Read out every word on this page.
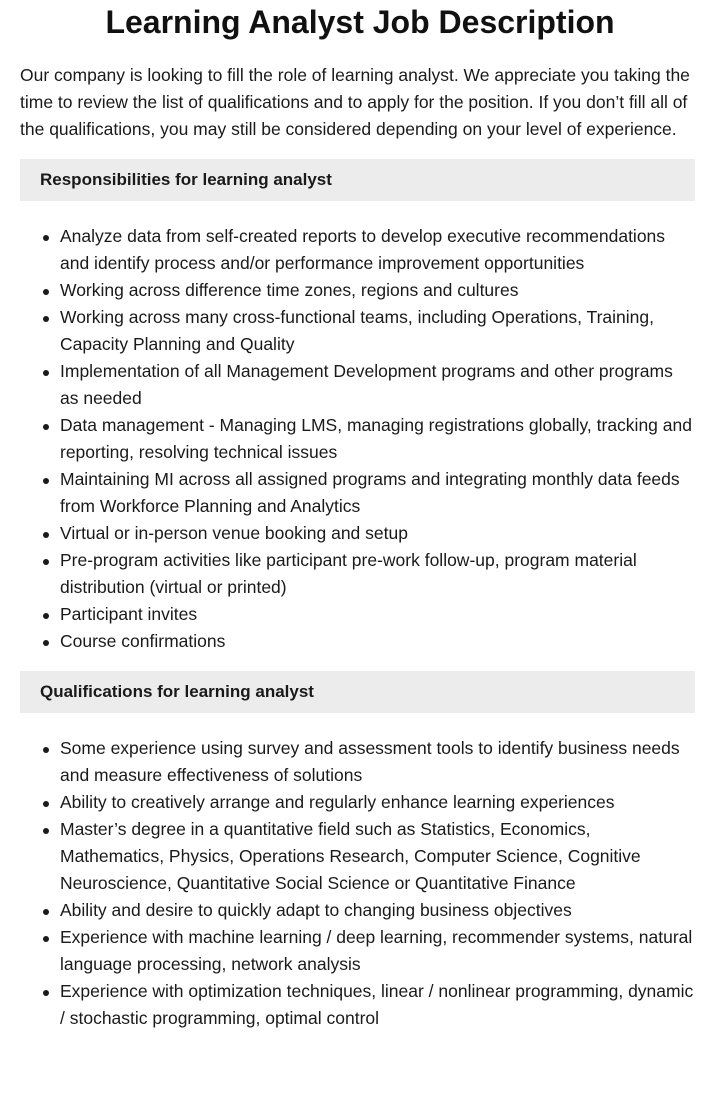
Learning Analyst Job Description

Our company is looking to fill the role of learning analyst. We appreciate you taking the time to review the list of qualifications and to apply for the position. If you don’t fill all of the qualifications, you may still be considered depending on your level of experience.

Responsibilities for learning analyst
Analyze data from self-created reports to develop executive recommendations and identify process and/or performance improvement opportunities
Working across difference time zones, regions and cultures
Working across many cross-functional teams, including Operations, Training, Capacity Planning and Quality
Implementation of all Management Development programs and other programs as needed
Data management - Managing LMS, managing registrations globally, tracking and reporting, resolving technical issues
Maintaining MI across all assigned programs and integrating monthly data feeds from Workforce Planning and Analytics
Virtual or in-person venue booking and setup
Pre-program activities like participant pre-work follow-up, program material distribution (virtual or printed)
Participant invites
Course confirmations
Qualifications for learning analyst
Some experience using survey and assessment tools to identify business needs and measure effectiveness of solutions
Ability to creatively arrange and regularly enhance learning experiences
Master’s degree in a quantitative field such as Statistics, Economics, Mathematics, Physics, Operations Research, Computer Science, Cognitive Neuroscience, Quantitative Social Science or Quantitative Finance
Ability and desire to quickly adapt to changing business objectives
Experience with machine learning / deep learning, recommender systems, natural language processing, network analysis
Experience with optimization techniques, linear / nonlinear programming, dynamic / stochastic programming, optimal control
